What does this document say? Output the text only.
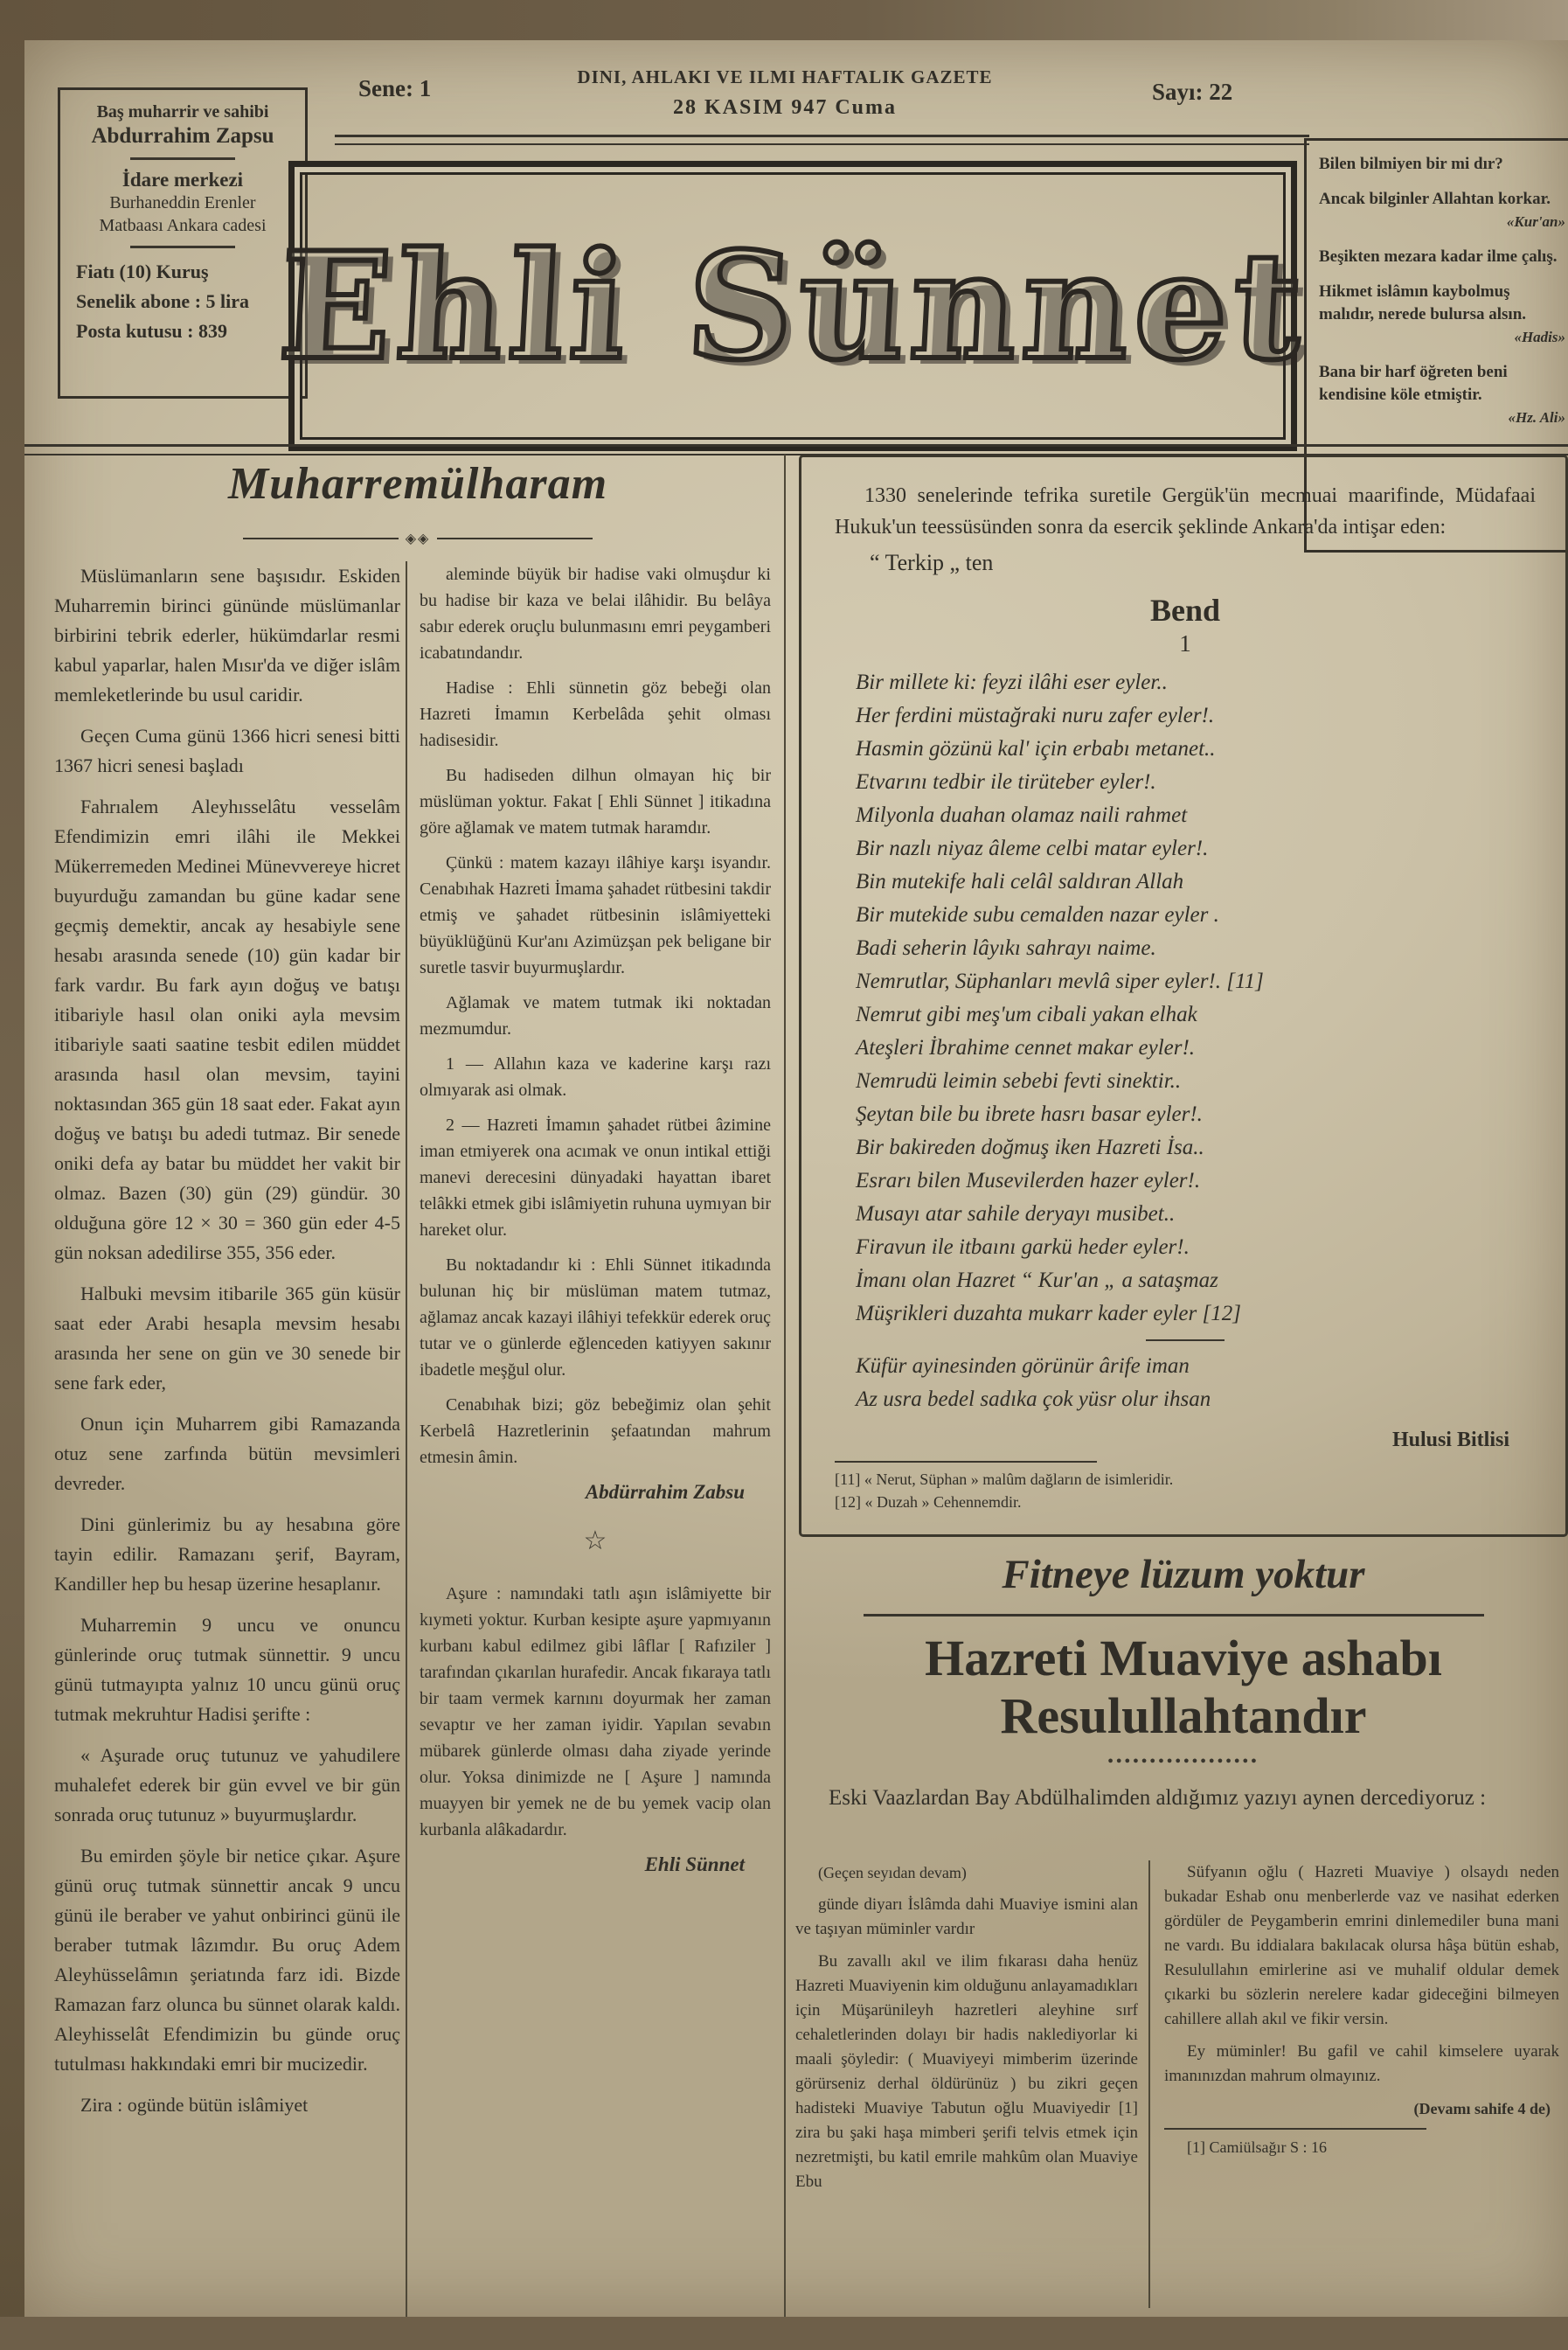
Baş muharrir ve sahibi
Abdurrahim Zapsu
İdare merkezi
Burhaneddin Erenler
Matbaası Ankara cadesi
Fiatı (10) Kuruş
Senelik abone : 5 lira
Posta kutusu : 839
Sene: 1	DINI, AHLAKI VE ILMI HAFTALIK GAZETE
28 KASIM 947 Cuma
Sayı: 22
Ehli Sünnet

Bilen bilmiyen bir mi dır?

Ancak bilginler Allahtan korkar.
«Kur'an»

Beşikten mezara kadar ilme çalış.

Hikmet islâmın kaybolmuş malıdır, nerede bulursa alsın.
«Hadis»

Bana bir harf öğreten beni kendisine köle etmiştir.
«Hz. Ali»

Muharremülharam
◈◈

Müslümanların sene başısıdır. Eskiden Muharremin birinci gününde müslümanlar birbirini tebrik ederler, hükümdarlar resmi kabul yaparlar, halen Mısır'da ve diğer islâm memleketlerinde bu usul caridir.

Geçen Cuma günü 1366 hicri senesi bitti 1367 hicri senesi başladı

Fahrıalem Aleyhısselâtu vesselâm Efendimizin emri ilâhi ile Mekkei Mükerremeden Medinei Münevvereye hicret buyurduğu zamandan bu güne kadar sene geçmiş demektir, ancak ay hesabiyle sene hesabı arasında senede (10) gün kadar bir fark vardır. Bu fark ayın doğuş ve batışı itibariyle hasıl olan oniki ayla mevsim itibariyle saati saatine tesbit edilen müddet arasında hasıl olan mevsim, tayini noktasından 365 gün 18 saat eder. Fakat ayın doğuş ve batışı bu adedi tutmaz. Bir senede oniki defa ay batar bu müddet her vakit bir olmaz. Bazen (30) gün (29) gündür. 30 olduğuna göre 12 × 30 = 360 gün eder 4-5 gün noksan adedilirse 355, 356 eder.

Halbuki mevsim itibarile 365 gün küsür saat eder Arabi hesapla mevsim hesabı arasında her sene on gün ve 30 senede bir sene fark eder,

Onun için Muharrem gibi Ramazanda otuz sene zarfında bütün mevsimleri devreder.

Dini günlerimiz bu ay hesabına göre tayin edilir. Ramazanı şerif, Bayram, Kandiller hep bu hesap üzerine hesaplanır.

Muharremin 9 uncu ve onuncu günlerinde oruç tutmak sünnettir. 9 uncu günü tutmayıpta yalnız 10 uncu günü oruç tutmak mekruhtur Hadisi şerifte :

« Aşurade oruç tutunuz ve yahudilere muhalefet ederek bir gün evvel ve bir gün sonrada oruç tutunuz » buyurmuşlardır.

Bu emirden şöyle bir netice çıkar. Aşure günü oruç tutmak sünnettir ancak 9 uncu günü ile beraber ve yahut onbirinci günü ile beraber tutmak lâzımdır. Bu oruç Adem Aleyhüsselâmın şeriatında farz idi. Bizde Ramazan farz olunca bu sünnet olarak kaldı. Aleyhisselât Efendimizin bu günde oruç tutulması hakkındaki emri bir mucizedir.

Zira : ogünde bütün islâmiyet

aleminde büyük bir hadise vaki olmuşdur ki bu hadise bir kaza ve belai ilâhidir. Bu belâya sabır ederek oruçlu bulunmasını emri peygamberi icabatındandır.

Hadise : Ehli sünnetin göz bebeği olan Hazreti İmamın Kerbelâda şehit olması hadisesidir.

Bu hadiseden dilhun olmayan hiç bir müslüman yoktur. Fakat [ Ehli Sünnet ] itikadına göre ağlamak ve matem tutmak haramdır.

Çünkü : matem kazayı ilâhiye karşı isyandır. Cenabıhak Hazreti İmama şahadet rütbesini takdir etmiş ve şahadet rütbesinin islâmiyetteki büyüklüğünü Kur'anı Azimüzşan pek beligane bir suretle tasvir buyurmuşlardır.

Ağlamak ve matem tutmak iki noktadan mezmumdur.

1 — Allahın kaza ve kaderine karşı razı olmıyarak asi olmak.

2 — Hazreti İmamın şahadet rütbei âzimine iman etmiyerek ona acımak ve onun intikal ettiği manevi derecesini dünyadaki hayattan ibaret telâkki etmek gibi islâmiyetin ruhuna uymıyan bir hareket olur.

Bu noktadandır ki : Ehli Sünnet itikadında bulunan hiç bir müslüman matem tutmaz, ağlamaz ancak kazayi ilâhiyi tefekkür ederek oruç tutar ve o günlerde eğlenceden katiyyen sakınır ibadetle meşğul olur.

Cenabıhak bizi; göz bebeğimiz olan şehit Kerbelâ Hazretlerinin şefaatından mahrum etmesin âmin.

Abdürrahim Zabsu
☆

Aşure : namındaki tatlı aşın islâmiyette bir kıymeti yoktur. Kurban kesipte aşure yapmıyanın kurbanı kabul edilmez gibi lâflar [ Rafıziler ] tarafından çıkarılan hurafedir. Ancak fıkaraya tatlı bir taam vermek karnını doyurmak her zaman sevaptır ve her zaman iyidir. Yapılan sevabın mübarek günlerde olması daha ziyade yerinde olur. Yoksa dinimizde ne [ Aşure ] namında muayyen bir yemek ne de bu yemek vacip olan kurbanla alâkadardır.

Ehli Sünnet

1330 senelerinde tefrika suretile Gergük'ün mecmuai maarifinde, Müdafaai Hukuk'un teessüsünden sonra da esercik şeklinde Ankara'da intişar eden:

“ Terkip „ ten
Bend
1

Bir millete ki: feyzi ilâhi eser eyler..

Her ferdini müstağraki nuru zafer eyler!.

Hasmin gözünü kal' için erbabı metanet..

Etvarını tedbir ile tirüteber eyler!.

Milyonla duahan olamaz naili rahmet

Bir nazlı niyaz âleme celbi matar eyler!.

Bin mutekife hali celâl saldıran Allah

Bir mutekide subu cemalden nazar eyler .

Badi seherin lâyıkı sahrayı naime.

Nemrutlar, Süphanları mevlâ siper eyler!. [11]

Nemrut gibi meş'um cibali yakan elhak

Ateşleri İbrahime cennet makar eyler!.

Nemrudü leimin sebebi fevti sinektir..

Şeytan bile bu ibrete hasrı basar eyler!.

Bir bakireden doğmuş iken Hazreti İsa..

Esrarı bilen Musevilerden hazer eyler!.

Musayı atar sahile deryayı musibet..

Firavun ile itbaını garkü heder eyler!.

İmanı olan Hazret “ Kur'an „ a sataşmaz

Müşrikleri duzahta mukarr kader eyler [12]

Küfür ayinesinden görünür ârife iman

Az usra bedel sadıka çok yüsr olur ihsan

Hulusi Bitlisi

[11] « Nerut, Süphan » malûm dağların de isimleridir.

[12] « Duzah » Cehennemdir.

Fitneye lüzum yoktur
Hazreti Muaviye ashabı
Resulullahtandır
●●●●●●●●●●●●●●●●●●
Eski Vaazlardan Bay Abdülhalimden aldığımız yazıyı aynen dercediyoruz :

(Geçen seyıdan devam)

günde diyarı İslâmda dahi Muaviye ismini alan ve taşıyan müminler vardır

Bu zavallı akıl ve ilim fıkarası daha henüz Hazreti Muaviyenin kim olduğunu anlayamadıkları için Müşarünileyh hazretleri aleyhine sırf cehaletlerinden dolayı bir hadis naklediyorlar ki maali şöyledir: ( Muaviyeyi mimberim üzerinde görürseniz derhal öldürünüz ) bu zikri geçen hadisteki Muaviye Tabutun oğlu Muaviyedir [1] zira bu şaki haşa mimberi şerifi telvis etmek için nezretmişti, bu katil emrile mahkûm olan Muaviye Ebu

Süfyanın oğlu ( Hazreti Muaviye ) olsaydı neden bukadar Eshab onu menberlerde vaz ve nasihat ederken gördüler de Peygamberin emrini dinlemediler buna mani ne vardı. Bu iddialara bakılacak olursa hâşa bütün eshab, Resulullahın emirlerine asi ve muhalif oldular demek çıkarki bu sözlerin nerelere kadar gideceğini bilmeyen cahillere allah akıl ve fikir versin.

Ey müminler! Bu gafil ve cahil kimselere uyarak imanınızdan mahrum olmayınız.

(Devamı sahife 4 de)

[1] Camiülsağır S : 16
